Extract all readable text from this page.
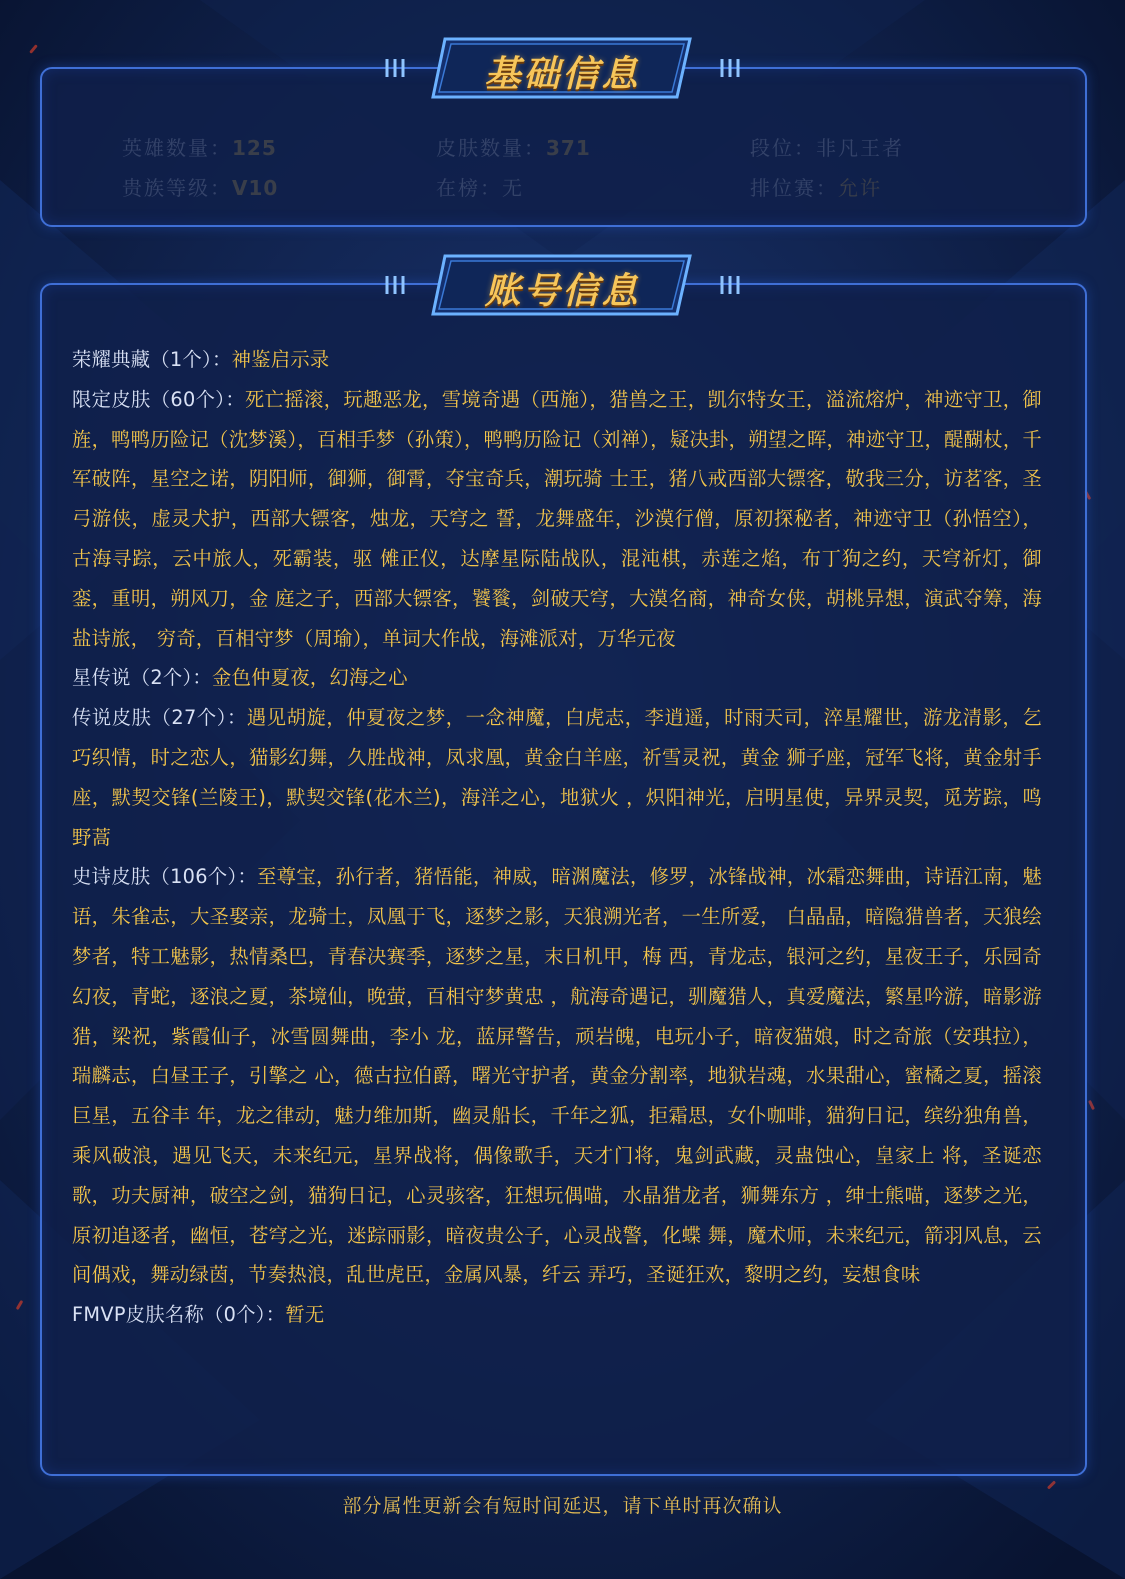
基础信息
账号信息

荣耀典藏（1个）：神鉴启示录

限定皮肤（60个）：死亡摇滚，玩趣恶龙，雪境奇遇（西施），猎兽之王，凯尔特女王，溢流熔炉，神迹守卫，御旌，鸭鸭历险记（沈梦溪），百相手梦（孙策），鸭鸭历险记（刘禅），疑决卦，朔望之晖，神迹守卫，醍醐杖，千军破阵，星空之诺，阴阳师，御狮，御霄，夺宝奇兵，潮玩骑 士王，猪八戒西部大镖客，敬我三分，访茗客，圣弓游侠，虚灵犬护，西部大镖客，烛龙，天穹之 誓，龙舞盛年，沙漠行僧，原初探秘者，神迹守卫（孙悟空），古海寻踪，云中旅人，死霸装，驱 傩正仪，达摩星际陆战队，混沌棋，赤莲之焰，布丁狗之约，天穹祈灯，御銮，重明，朔风刀，金 庭之子，西部大镖客，饕餮，剑破天穹，大漠名商，神奇女侠，胡桃异想，演武夺筹，海盐诗旅， 穷奇，百相守梦（周瑜），单词大作战，海滩派对，万华元夜

星传说（2个）：金色仲夏夜，幻海之心

传说皮肤（27个）：遇见胡旋，仲夏夜之梦，一念神魔，白虎志，李逍遥，时雨天司，淬星耀世，游龙清影，乞巧织情，时之恋人，猫影幻舞，久胜战神，凤求凰，黄金白羊座，祈雪灵祝，黄金 狮子座，冠军飞将，黄金射手座，默契交锋(兰陵王)，默契交锋(花木兰)，海洋之心，地狱火 ，炽阳神光，启明星使，异界灵契，觅芳踪，鸣野蒿

史诗皮肤（106个）：至尊宝，孙行者，猪悟能，神威，暗渊魔法，修罗，冰锋战神，冰霜恋舞曲，诗语江南，魅语，朱雀志，大圣娶亲，龙骑士，凤凰于飞，逐梦之影，天狼溯光者，一生所爱， 白晶晶，暗隐猎兽者，天狼绘梦者，特工魅影，热情桑巴，青春决赛季，逐梦之星，末日机甲，梅 西，青龙志，银河之约，星夜王子，乐园奇幻夜，青蛇，逐浪之夏，茶境仙，晚萤，百相守梦黄忠 ，航海奇遇记，驯魔猎人，真爱魔法，繁星吟游，暗影游猎，梁祝，紫霞仙子，冰雪圆舞曲，李小 龙，蓝屏警告，顽岩魄，电玩小子，暗夜猫娘，时之奇旅（安琪拉），瑞麟志，白昼王子，引擎之 心，德古拉伯爵，曙光守护者，黄金分割率，地狱岩魂，水果甜心，蜜橘之夏，摇滚巨星，五谷丰 年，龙之律动，魅力维加斯，幽灵船长，千年之狐，拒霜思，女仆咖啡，猫狗日记，缤纷独角兽， 乘风破浪，遇见飞天，未来纪元，星界战将，偶像歌手，天才门将，鬼剑武藏，灵蛊蚀心，皇家上 将，圣诞恋歌，功夫厨神，破空之剑，猫狗日记，心灵骇客，狂想玩偶喵，水晶猎龙者，狮舞东方 ，绅士熊喵，逐梦之光，原初追逐者，幽恒，苍穹之光，迷踪丽影，暗夜贵公子，心灵战警，化蝶 舞，魔术师，未来纪元，箭羽风息，云间偶戏，舞动绿茵，节奏热浪，乱世虎臣，金属风暴，纤云 弄巧，圣诞狂欢，黎明之约，妄想食味

FMVP皮肤名称（0个）：暂无

部分属性更新会有短时间延迟，请下单时再次确认
